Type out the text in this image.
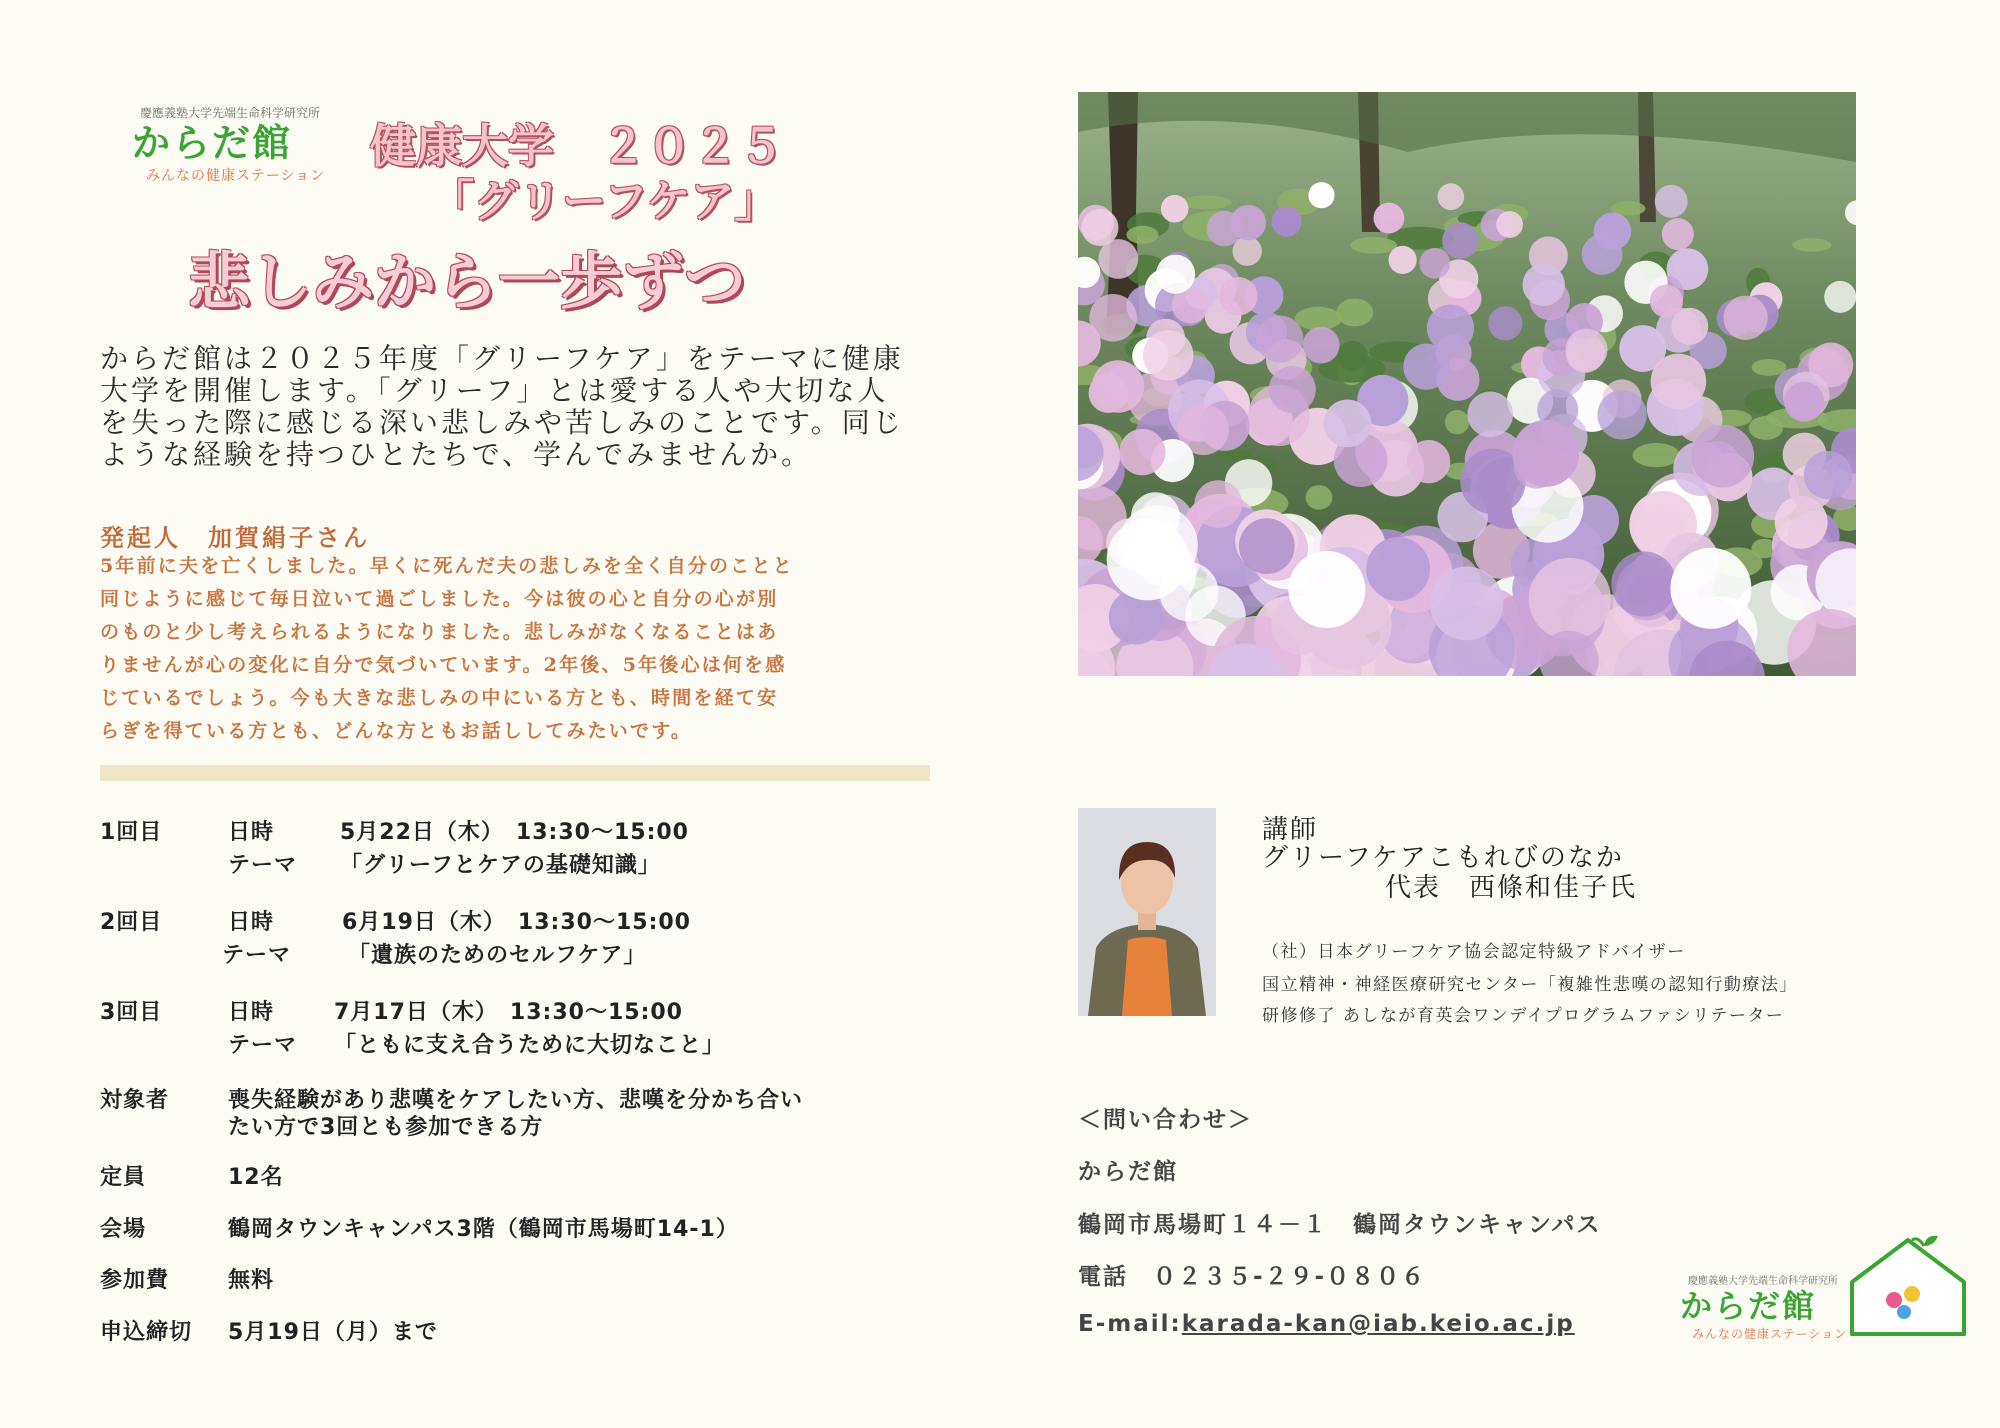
慶應義塾大学先端生命科学研究所
からだ館
みんなの健康ステーション
健康大学　２０２５
「グリーフケア」
悲しみから一歩ずつ

からだ館は２０２５年度「グリーフケア」をテーマに健康

大学を開催します。「グリーフ」とは愛する人や大切な人

を失った際に感じる深い悲しみや苦しみのことです。同じ

ような経験を持つひとたちで、学んでみませんか。

発起人　加賀絹子さん

5年前に夫を亡くしました。早くに死んだ夫の悲しみを全く自分のことと

同じように感じて毎日泣いて過ごしました。今は彼の心と自分の心が別

のものと少し考えられるようになりました。悲しみがなくなることはあ

りませんが心の変化に自分で気づいています。2年後、5年後心は何を感

じているでしょう。今も大きな悲しみの中にいる方とも、時間を経て安

らぎを得ている方とも、どんな方ともお話ししてみたいです。

1回目	日時	5月22日（木）　13:30〜15:00
テーマ 「グリーフとケアの基礎知識」
2回目	日時	6月19日（木）　13:30〜15:00
テーマ	「遺族のためのセルフケア」
3回目	日時	7月17日（木）　13:30〜15:00
テーマ 「ともに支え合うために大切なこと」
対象者	喪失経験があり悲嘆をケアしたい方、悲嘆を分かち合い
たい方で3回とも参加できる方
定員	12名
会場	鶴岡タウンキャンパス3階（鶴岡市馬場町14-1）
参加費	無料
申込締切 5月19日（月）まで
講師
グリーフケアこもれびのなか
代表　西條和佳子氏
（社）日本グリーフケア協会認定特級アドバイザー
国立精神・神経医療研究センター「複雑性悲嘆の認知行動療法」
研修修了 あしなが育英会ワンデイプログラムファシリテーター
＜問い合わせ＞
からだ館
鶴岡市馬場町１４－１　鶴岡タウンキャンパス
電話　０２３５-２９-０８０６
E-mail:karada-kan@iab.keio.ac.jp
慶應義塾大学先端生命科学研究所
からだ館
みんなの健康ステーション
